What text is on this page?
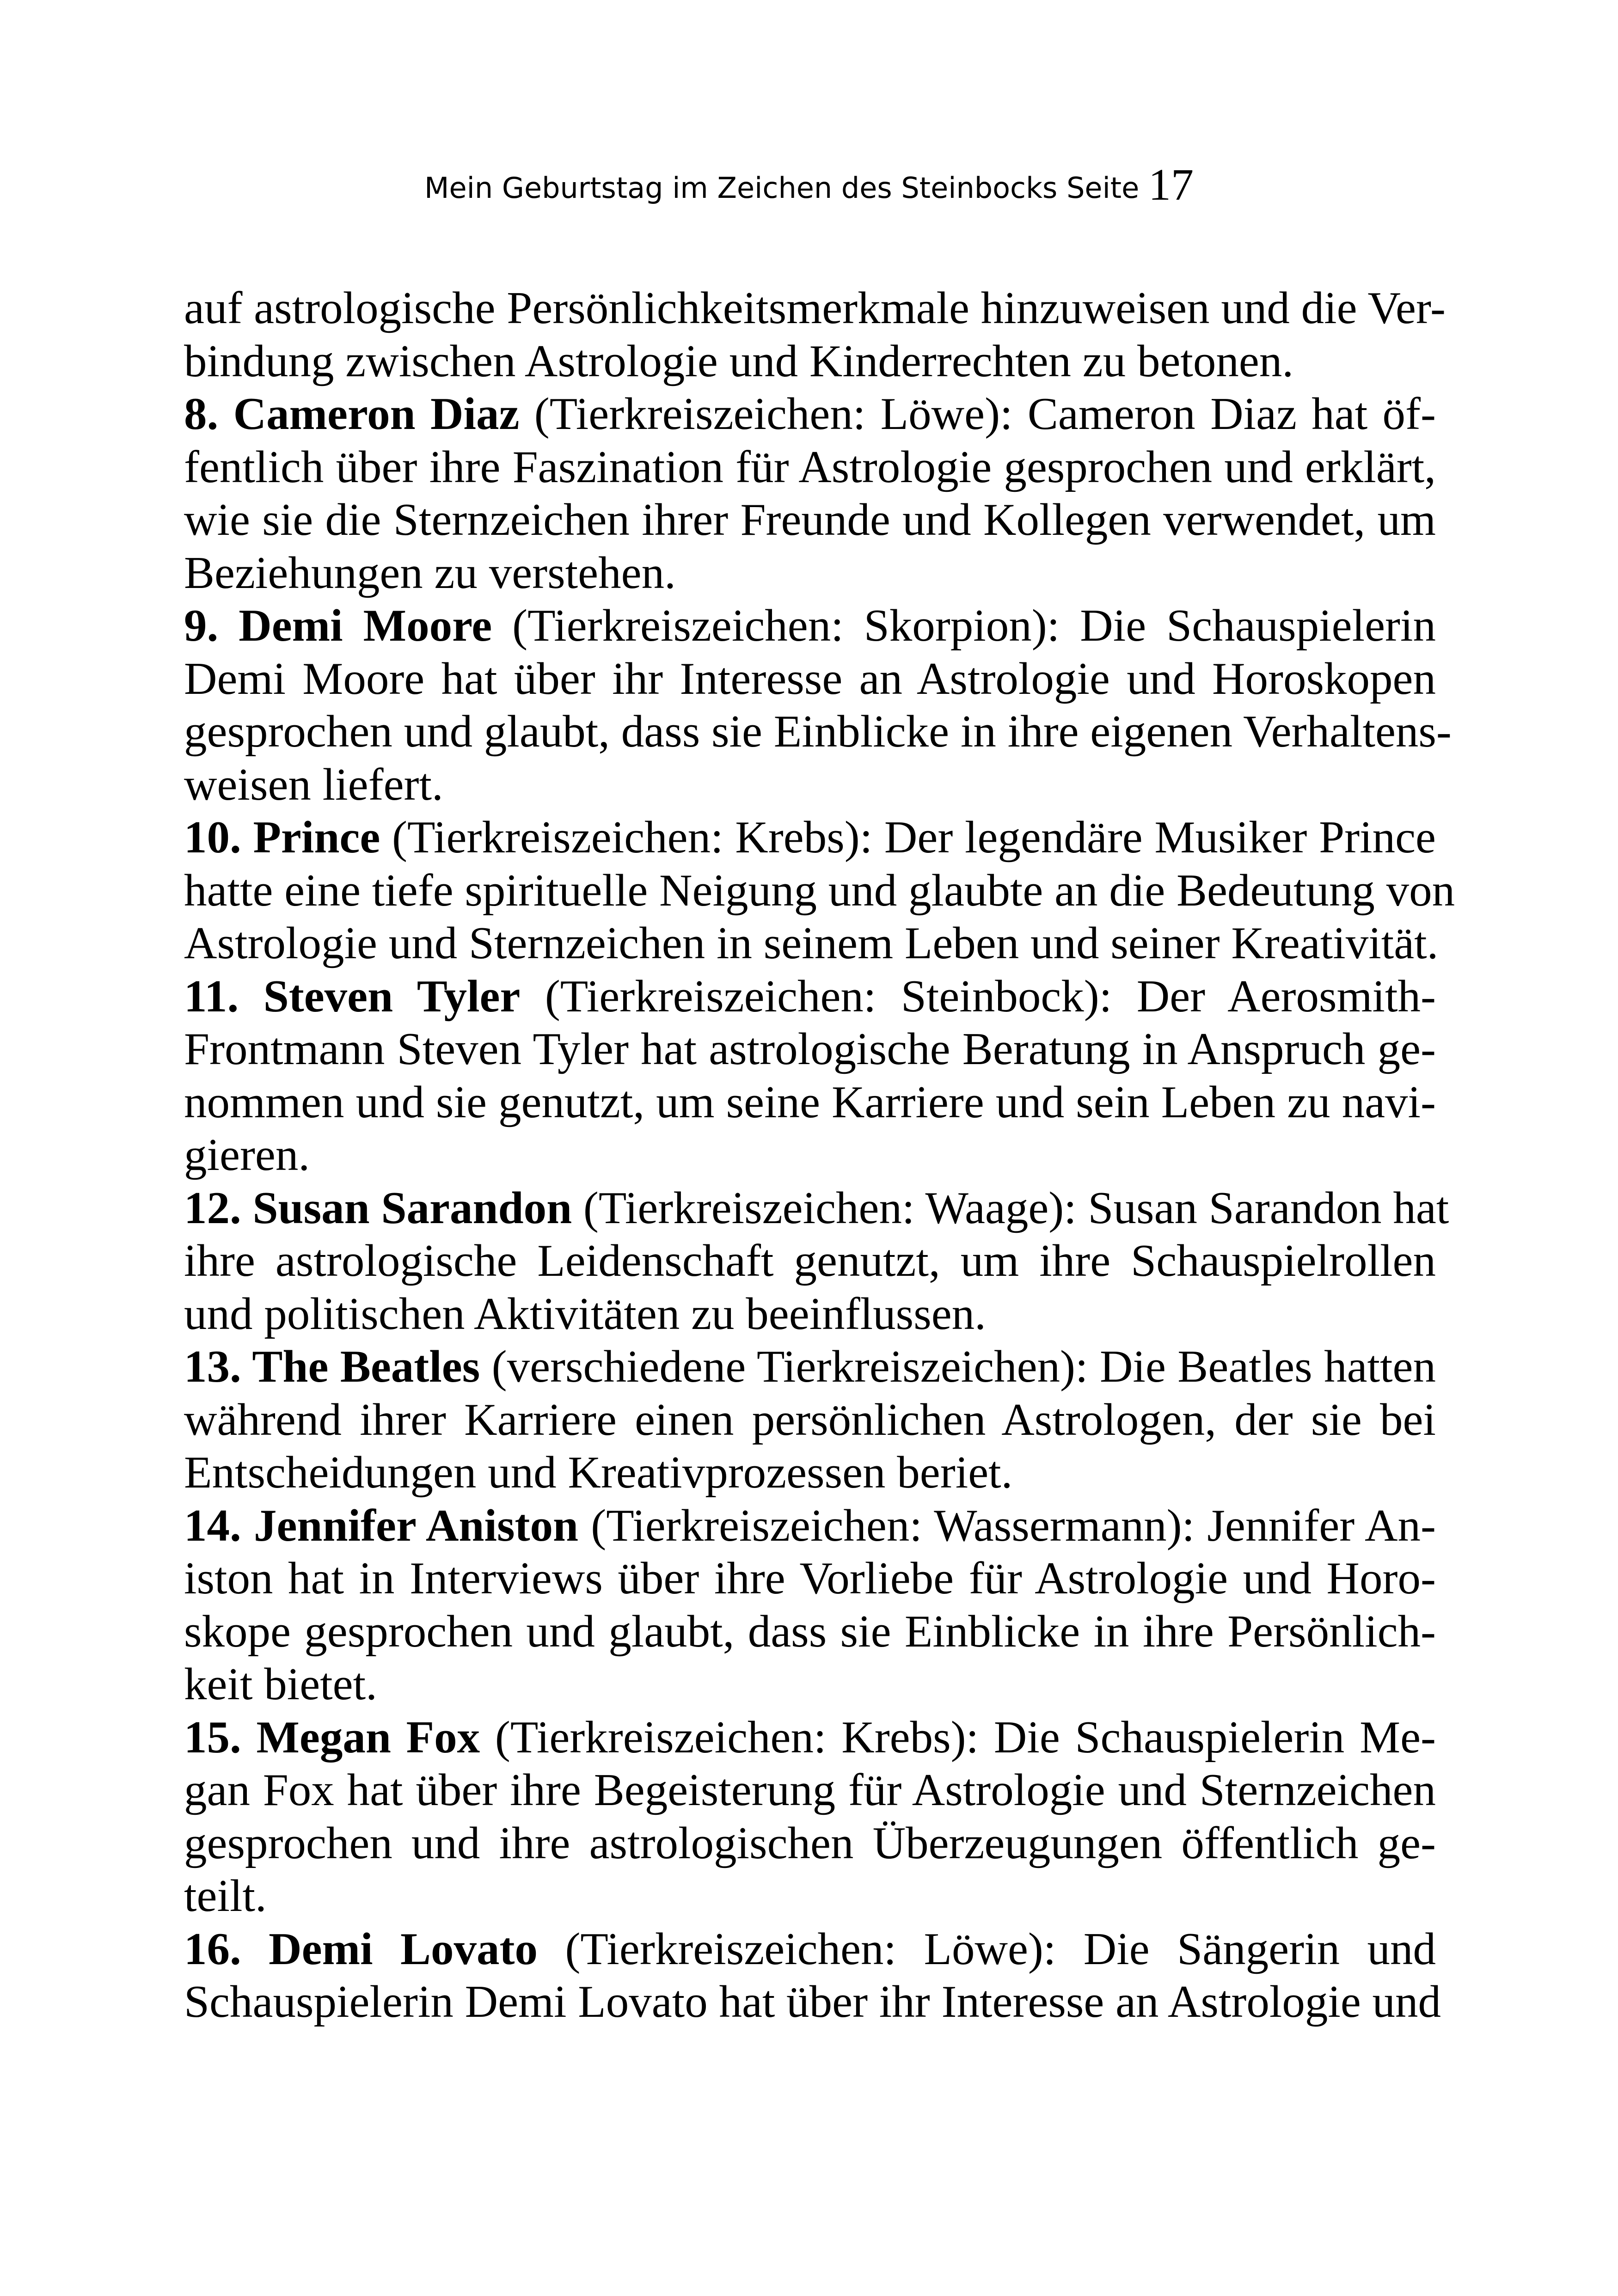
Mein Geburtstag im Zeichen des Steinbocks Seite 17
auf astrologische Persönlichkeitsmerkmale hinzuweisen und die Ver-
bindung zwischen Astrologie und Kinderrechten zu betonen.
8. Cameron Diaz (Tierkreiszeichen: Löwe): Cameron Diaz hat öf-
fentlich über ihre Faszination für Astrologie gesprochen und erklärt,
wie sie die Sternzeichen ihrer Freunde und Kollegen verwendet, um
Beziehungen zu verstehen.
9. Demi Moore (Tierkreiszeichen: Skorpion): Die Schauspielerin
Demi Moore hat über ihr Interesse an Astrologie und Horoskopen
gesprochen und glaubt, dass sie Einblicke in ihre eigenen Verhaltens-
weisen liefert.
10. Prince (Tierkreiszeichen: Krebs): Der legendäre Musiker Prince
hatte eine tiefe spirituelle Neigung und glaubte an die Bedeutung von
Astrologie und Sternzeichen in seinem Leben und seiner Kreativität.
11. Steven Tyler (Tierkreiszeichen: Steinbock): Der Aerosmith-
Frontmann Steven Tyler hat astrologische Beratung in Anspruch ge-
nommen und sie genutzt, um seine Karriere und sein Leben zu navi-
gieren.
12. Susan Sarandon (Tierkreiszeichen: Waage): Susan Sarandon hat
ihre astrologische Leidenschaft genutzt, um ihre Schauspielrollen
und politischen Aktivitäten zu beeinflussen.
13. The Beatles (verschiedene Tierkreiszeichen): Die Beatles hatten
während ihrer Karriere einen persönlichen Astrologen, der sie bei
Entscheidungen und Kreativprozessen beriet.
14. Jennifer Aniston (Tierkreiszeichen: Wassermann): Jennifer An-
iston hat in Interviews über ihre Vorliebe für Astrologie und Horo-
skope gesprochen und glaubt, dass sie Einblicke in ihre Persönlich-
keit bietet.
15. Megan Fox (Tierkreiszeichen: Krebs): Die Schauspielerin Me-
gan Fox hat über ihre Begeisterung für Astrologie und Sternzeichen
gesprochen und ihre astrologischen Überzeugungen öffentlich ge-
teilt.
16. Demi Lovato (Tierkreiszeichen: Löwe): Die Sängerin und
Schauspielerin Demi Lovato hat über ihr Interesse an Astrologie und
